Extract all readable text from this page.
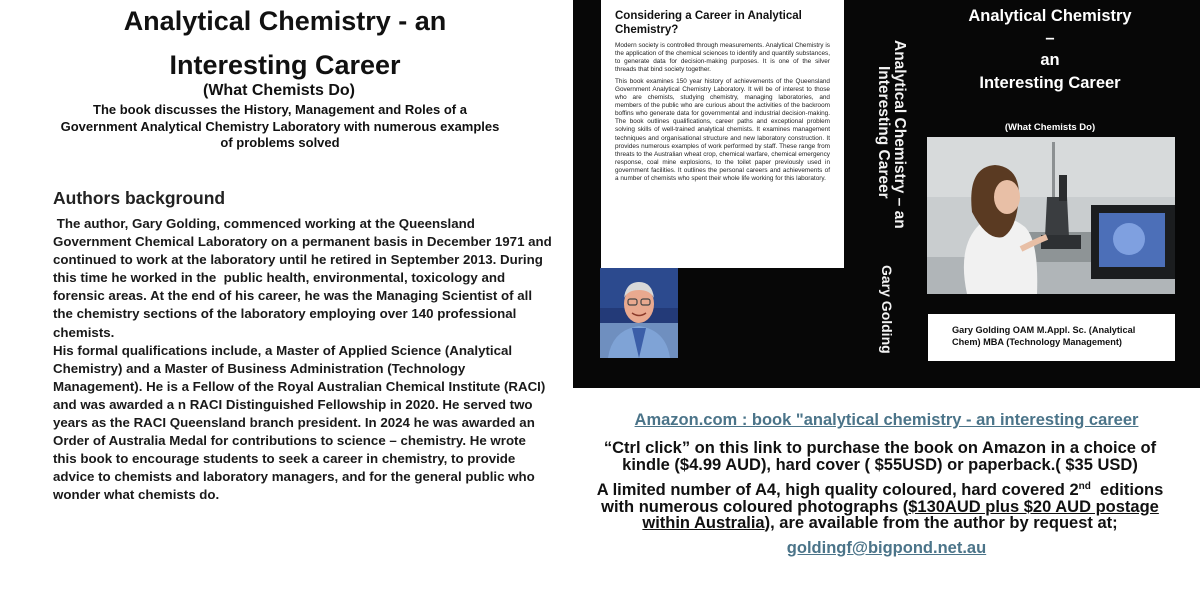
Analytical Chemistry - an
Interesting Career
(What Chemists Do)
The book discusses the History, Management and Roles of a Government Analytical Chemistry Laboratory with numerous examples of problems solved
Authors background

The author, Gary Golding, commenced working at the Queensland Government Chemical Laboratory on a permanent basis in December 1971 and continued to work at the laboratory until he retired in September 2013. During this time he worked in the  public health, environmental, toxicology and forensic areas. At the end of his career, he was the Managing Scientist of all the chemistry sections of the laboratory employing over 140 professional chemists.

His formal qualifications include, a Master of Applied Science (Analytical Chemistry) and a Master of Business Administration (Technology Management). He is a Fellow of the Royal Australian Chemical Institute (RACI) and was awarded a n RACI Distinguished Fellowship in 2020. He served two years as the RACI Queensland branch president. In 2024 he was awarded an Order of Australia Medal for contributions to science – chemistry. He wrote this book to encourage students to seek a career in chemistry, to provide advice to chemists and laboratory managers, and for the general public who wonder what chemists do.

Considering a Career in Analytical Chemistry?
Modern society is controlled through measurements. Analytical Chemistry is the application of the chemical sciences to identify and quantify substances, to generate data for decision-making purposes. It is one of the silver threads that bind society together.
This book examines 150 year history of achievements of the Queensland Government Analytical Chemistry Laboratory. It will be of interest to those who are chemists, studying chemistry, managing laboratories, and members of the public who are curious about the activities of the backroom boffins who generate data for governmental and industrial decision-making. The book outlines qualifications, career paths and exceptional problem solving skills of well-trained analytical chemists. It examines management techniques and organisational structure and new laboratory construction. It provides numerous examples of work performed by staff. These range from threats to the Australian wheat crop, chemical warfare, chemical emergency response, coal mine explosions, to the toilet paper previously used in government facilities. It outlines the personal careers and achievements of a number of chemists who spent their whole life working for this laboratory.	Analytical Chemistry – an
Interesting Career
Gary Golding
Analytical Chemistry
–
an
Interesting Career
(What Chemists Do)
Gary Golding OAM M.Appl. Sc. (Analytical Chem) MBA (Technology Management)
Amazon.com : book "analytical chemistry - an interesting career
“Ctrl click” on this link to purchase the book on Amazon in a choice of kindle ($4.99 AUD), hard cover ( $55USD) or paperback.( $35 USD)
A limited number of A4, high quality coloured, hard covered 2nd  editions with numerous coloured photographs ($130AUD plus $20 AUD postage within Australia), are available from the author by request at;
goldingf@bigpond.net.au
